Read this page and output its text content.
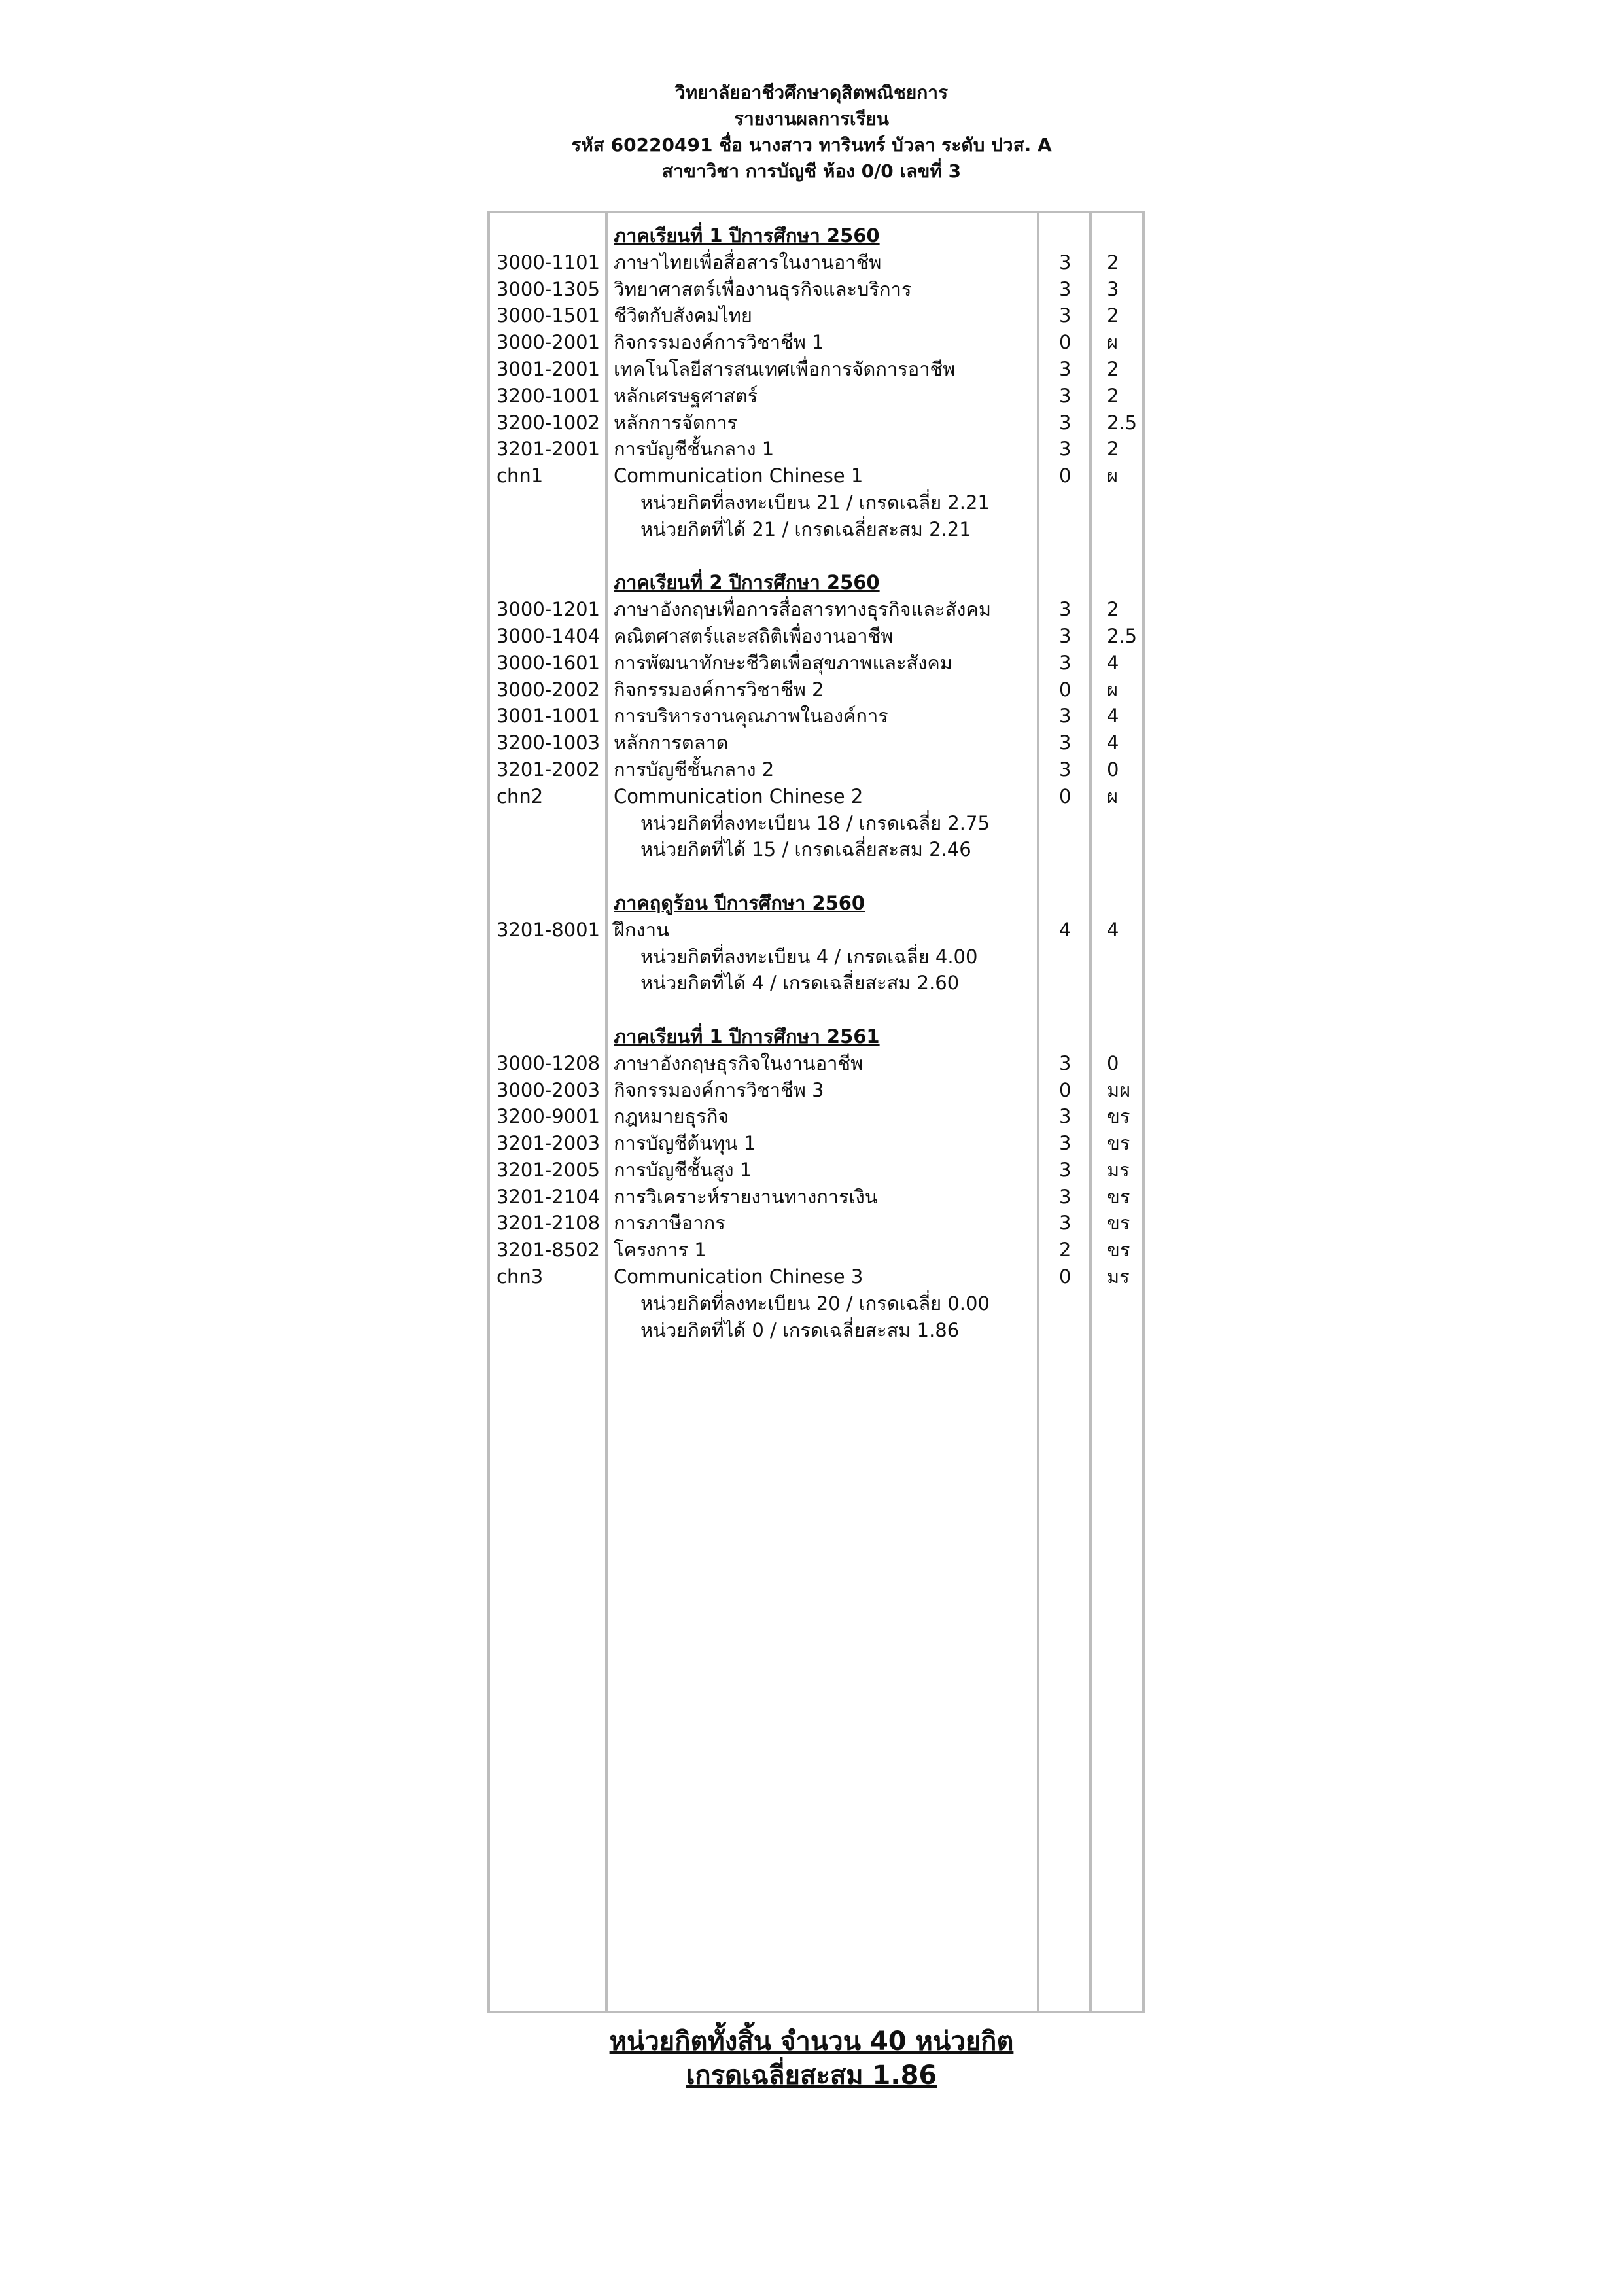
วิทยาลัยอาชีวศึกษาดุสิตพณิชยการ
รายงานผลการเรียน
รหัส 60220491 ชื่อ นางสาว ทารินทร์ บัวลา ระดับ ปวส. A
สาขาวิชา การบัญชี ห้อง 0/0 เลขที่ 3
ภาคเรียนที่ 1 ปีการศึกษา 2560
3000-1101 ภาษาไทยเพื่อสื่อสารในงานอาชีพ	3 2
3000-1305 วิทยาศาสตร์เพื่องานธุรกิจและบริการ	3 3
3000-1501 ชีวิตกับสังคมไทย	3 2
3000-2001 กิจกรรมองค์การวิชาชีพ 1	0 ผ
3001-2001 เทคโนโลยีสารสนเทศเพื่อการจัดการอาชีพ	3 2
3200-1001 หลักเศรษฐศาสตร์	3 2
3200-1002 หลักการจัดการ	3 2.5
3201-2001 การบัญชีชั้นกลาง 1	3 2
chn1	Communication Chinese 1	0 ผ
หน่วยกิตที่ลงทะเบียน 21 / เกรดเฉลี่ย 2.21
หน่วยกิตที่ได้ 21 / เกรดเฉลี่ยสะสม 2.21
ภาคเรียนที่ 2 ปีการศึกษา 2560
3000-1201 ภาษาอังกฤษเพื่อการสื่อสารทางธุรกิจและสังคม	3 2
3000-1404 คณิตศาสตร์และสถิติเพื่องานอาชีพ	3 2.5
3000-1601 การพัฒนาทักษะชีวิตเพื่อสุขภาพและสังคม	3 4
3000-2002 กิจกรรมองค์การวิชาชีพ 2	0 ผ
3001-1001 การบริหารงานคุณภาพในองค์การ	3 4
3200-1003 หลักการตลาด	3 4
3201-2002 การบัญชีชั้นกลาง 2	3 0
chn2	Communication Chinese 2	0 ผ
หน่วยกิตที่ลงทะเบียน 18 / เกรดเฉลี่ย 2.75
หน่วยกิตที่ได้ 15 / เกรดเฉลี่ยสะสม 2.46
ภาคฤดูร้อน ปีการศึกษา 2560
3201-8001 ฝึกงาน	4 4
หน่วยกิตที่ลงทะเบียน 4 / เกรดเฉลี่ย 4.00
หน่วยกิตที่ได้ 4 / เกรดเฉลี่ยสะสม 2.60
ภาคเรียนที่ 1 ปีการศึกษา 2561
3000-1208 ภาษาอังกฤษธุรกิจในงานอาชีพ	3 0
3000-2003 กิจกรรมองค์การวิชาชีพ 3	0 มผ
3200-9001 กฎหมายธุรกิจ	3 ขร
3201-2003 การบัญชีต้นทุน 1	3 ขร
3201-2005 การบัญชีชั้นสูง 1	3 มร
3201-2104 การวิเคราะห์รายงานทางการเงิน	3 ขร
3201-2108 การภาษีอากร	3 ขร
3201-8502 โครงการ 1	2 ขร
chn3	Communication Chinese 3	0 มร
หน่วยกิตที่ลงทะเบียน 20 / เกรดเฉลี่ย 0.00
หน่วยกิตที่ได้ 0 / เกรดเฉลี่ยสะสม 1.86
หน่วยกิตทั้งสิ้น จำนวน 40 หน่วยกิต
เกรดเฉลี่ยสะสม 1.86
